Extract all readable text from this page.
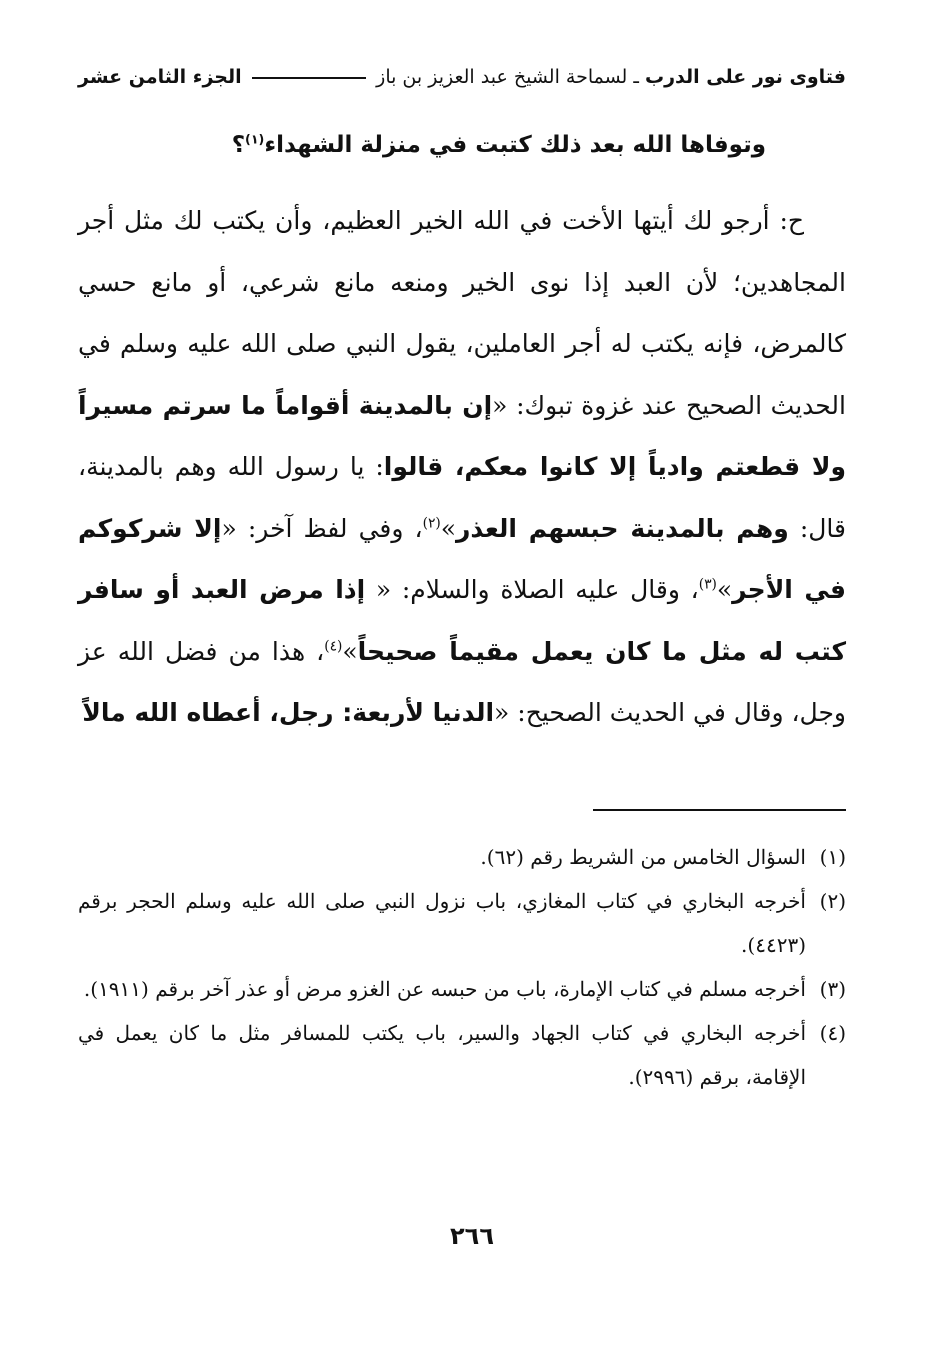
فتاوى نور على الدرب ـ لسماحة الشيخ عبد العزيز بن باز
الجزء الثامن عشر
وتوفاها الله بعد ذلك كتبت في منزلة الشهداء$^{(١)}$؟
ح: أرجو لك أيتها الأخت في الله الخير العظيم، وأن يكتب لك مثل أجر المجاهدين؛ لأن العبد إذا نوى الخير ومنعه مانع شرعي، أو مانع حسي كالمرض، فإنه يكتب له أجر العاملين، يقول النبي صلى الله عليه وسلم في الحديث الصحيح عند غزوة تبوك: «إن بالمدينة أقواماً ما سرتم مسيراً ولا قطعتم وادياً إلا كانوا معكم، قالوا: يا رسول الله وهم بالمدينة، قال: وهم بالمدينة حبسهم العذر»$^{(٢)}$، وفي لفظ آخر: «إلا شركوكم في الأجر»$^{(٣)}$، وقال عليه الصلاة والسلام: « إذا مرض العبد أو سافر كتب له مثل ما كان يعمل مقيماً صحيحاً»$^{(٤)}$، هذا من فضل الله عز وجل، وقال في الحديث الصحيح: «الدنيا لأربعة: رجل، أعطاه الله مالاً
(١)
السؤال الخامس من الشريط رقم (٦٢).
(٢)
أخرجه البخاري في كتاب المغازي، باب نزول النبي صلى الله عليه وسلم الحجر برقم (٤٤٢٣).
(٣)
أخرجه مسلم في كتاب الإمارة، باب من حبسه عن الغزو مرض أو عذر آخر برقم (١٩١١).
(٤)
أخرجه البخاري في كتاب الجهاد والسير، باب يكتب للمسافر مثل ما كان يعمل في الإقامة، برقم (٢٩٩٦).
٢٦٦
